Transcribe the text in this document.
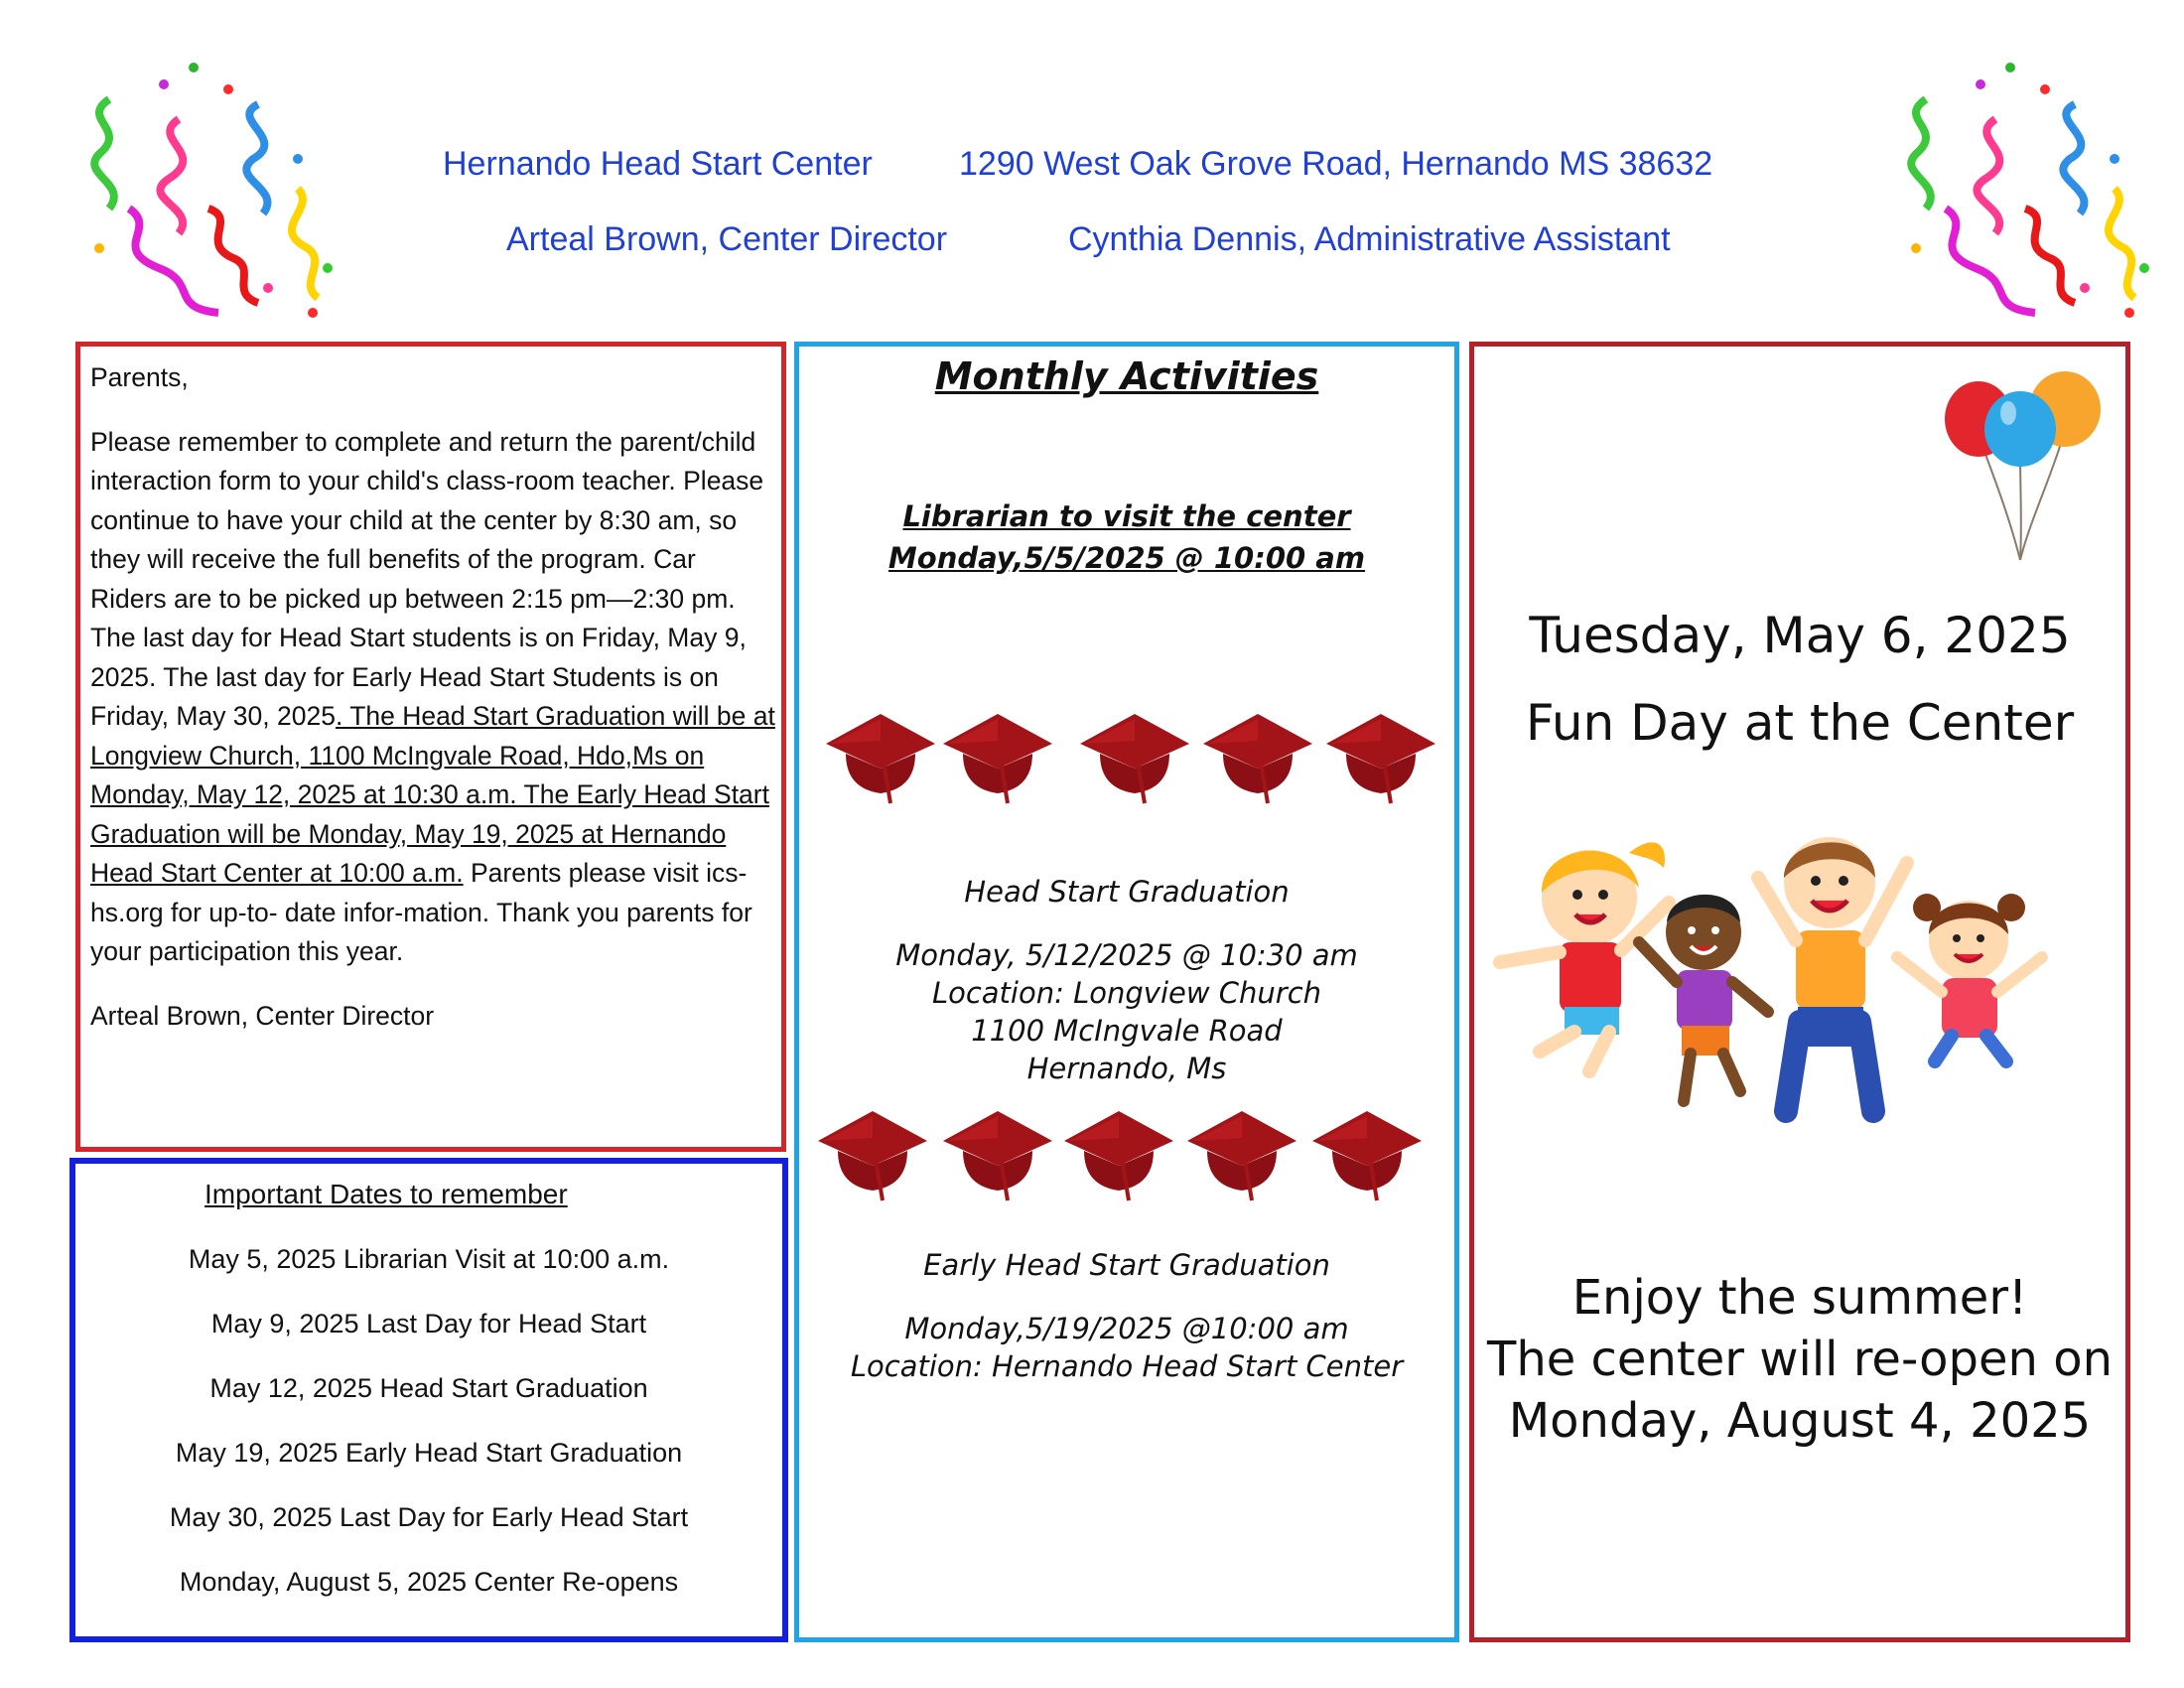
Hernando Head Start Center	1290 West Oak Grove Road, Hernando MS 38632
Arteal Brown, Center Director	Cynthia Dennis, Administrative Assistant

Parents,

Please remember to complete and return the parent/child interaction form to your child's class-room teacher. Please continue to have your child at the center by 8:30 am, so they will receive the full benefits of the program. Car Riders are to be picked up between 2:15 pm—2:30 pm. The last day for Head Start students is on Friday, May 9, 2025. The last day for Early Head Start Students is on Friday, May 30, 2025. The Head Start Graduation will be at Longview Church, 1100 McIngvale Road, Hdo,Ms on Monday, May 12, 2025 at 10:30 a.m. The Early Head Start Graduation will be Monday, May 19, 2025 at Hernando Head Start Center at 10:00 a.m. Parents please visit ics-hs.org for up-to- date infor-mation. Thank you parents for your participation this year.

Arteal Brown, Center Director

Important Dates to remember
May 5, 2025 Librarian Visit at 10:00 a.m.
May 9, 2025 Last Day for Head Start
May 12, 2025 Head Start Graduation
May 19, 2025 Early Head Start Graduation
May 30, 2025 Last Day for Early Head Start
Monday, August 5, 2025 Center Re-opens
Monthly Activities
Librarian to visit the center
Monday,5/5/2025 @ 10:00 am
Head Start Graduation
Monday, 5/12/2025 @ 10:30 am
Location: Longview Church
1100 McIngvale Road
Hernando, Ms
Early Head Start Graduation
Monday,5/19/2025 @10:00 am
Location: Hernando Head Start Center
Tuesday, May 6, 2025
Fun Day at the Center
Enjoy the summer!
The center will re-open on
Monday, August 4, 2025
